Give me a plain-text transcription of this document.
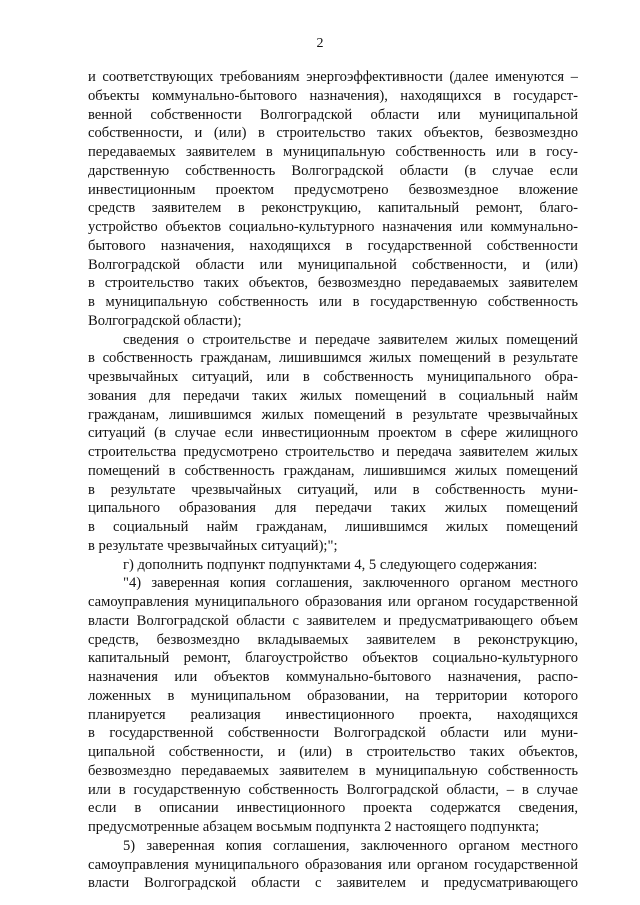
2
и соответствующих требованиям энергоэффективности (далее именуются –
объекты коммунально-бытового назначения), находящихся в государст-
венной собственности Волгоградской области или муниципальной
собственности, и (или) в строительство таких объектов, безвозмездно
передаваемых заявителем в муниципальную собственность или в госу-
дарственную собственность Волгоградской области (в случае если
инвестиционным проектом предусмотрено безвозмездное вложение
средств заявителем в реконструкцию, капитальный ремонт, благо-
устройство объектов социально-культурного назначения или коммунально-
бытового назначения, находящихся в государственной собственности
Волгоградской области или муниципальной собственности, и (или)
в строительство таких объектов, безвозмездно передаваемых заявителем
в муниципальную собственность или в государственную собственность
Волгоградской области);
сведения о строительстве и передаче заявителем жилых помещений
в собственность гражданам, лишившимся жилых помещений в результате
чрезвычайных ситуаций, или в собственность муниципального обра-
зования для передачи таких жилых помещений в социальный найм
гражданам, лишившимся жилых помещений в результате чрезвычайных
ситуаций (в случае если инвестиционным проектом в сфере жилищного
строительства предусмотрено строительство и передача заявителем жилых
помещений в собственность гражданам, лишившимся жилых помещений
в результате чрезвычайных ситуаций, или в собственность муни-
ципального образования для передачи таких жилых помещений
в социальный найм гражданам, лишившимся жилых помещений
в результате чрезвычайных ситуаций);";
г) дополнить подпункт подпунктами 4, 5 следующего содержания:
"4) заверенная копия соглашения, заключенного органом местного
самоуправления муниципального образования или органом государственной
власти Волгоградской области с заявителем и предусматривающего объем
средств, безвозмездно вкладываемых заявителем в реконструкцию,
капитальный ремонт, благоустройство объектов социально-культурного
назначения или объектов коммунально-бытового назначения, распо-
ложенных в муниципальном образовании, на территории которого
планируется реализация инвестиционного проекта, находящихся
в государственной собственности Волгоградской области или муни-
ципальной собственности, и (или) в строительство таких объектов,
безвозмездно передаваемых заявителем в муниципальную собственность
или в государственную собственность Волгоградской области, – в случае
если в описании инвестиционного проекта содержатся сведения,
предусмотренные абзацем восьмым подпункта 2 настоящего подпункта;
5) заверенная копия соглашения, заключенного органом местного
самоуправления муниципального образования или органом государственной
власти Волгоградской области с заявителем и предусматривающего
